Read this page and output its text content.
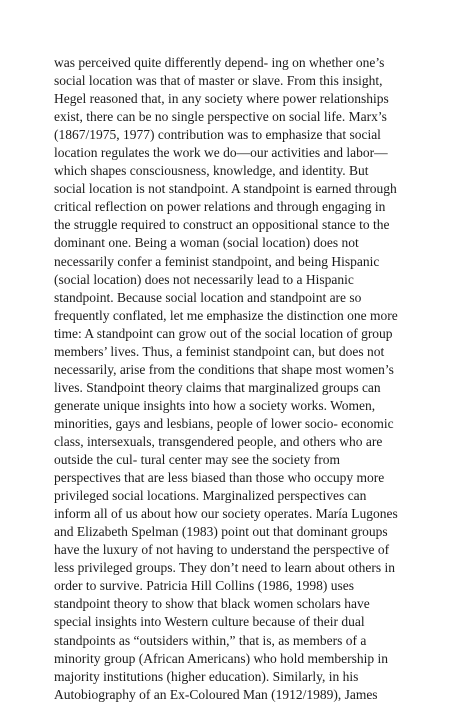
was perceived quite differently depend- ing on whether one’s
social location was that of master or slave. From this insight,
Hegel reasoned that, in any society where power relationships
exist, there can be no single perspective on social life. Marx’s
(1867/1975, 1977) contribution was to emphasize that social
location regulates the work we do—our activities and labor—
which shapes consciousness, knowledge, and identity. But
social location is not standpoint. A standpoint is earned through
critical reflection on power relations and through engaging in
the struggle required to construct an oppositional stance to the
dominant one. Being a woman (social location) does not
necessarily confer a feminist standpoint, and being Hispanic
(social location) does not necessarily lead to a Hispanic
standpoint. Because social location and standpoint are so
frequently conflated, let me emphasize the distinction one more
time: A standpoint can grow out of the social location of group
members’ lives. Thus, a feminist standpoint can, but does not
necessarily, arise from the conditions that shape most women’s
lives. Standpoint theory claims that marginalized groups can
generate unique insights into how a society works. Women,
minorities, gays and lesbians, people of lower socio- economic
class, intersexuals, transgendered people, and others who are
outside the cul- tural center may see the society from
perspectives that are less biased than those who occupy more
privileged social locations. Marginalized perspectives can
inform all of us about how our society operates. María Lugones
and Elizabeth Spelman (1983) point out that dominant groups
have the luxury of not having to understand the perspective of
less privileged groups. They don’t need to learn about others in
order to survive. Patricia Hill Collins (1986, 1998) uses
standpoint theory to show that black women scholars have
special insights into Western culture because of their dual
standpoints as “outsiders within,” that is, as members of a
minority group (African Americans) who hold membership in
majority institutions (higher education). Similarly, in his
Autobiography of an Ex-Coloured Man (1912/1989), James
